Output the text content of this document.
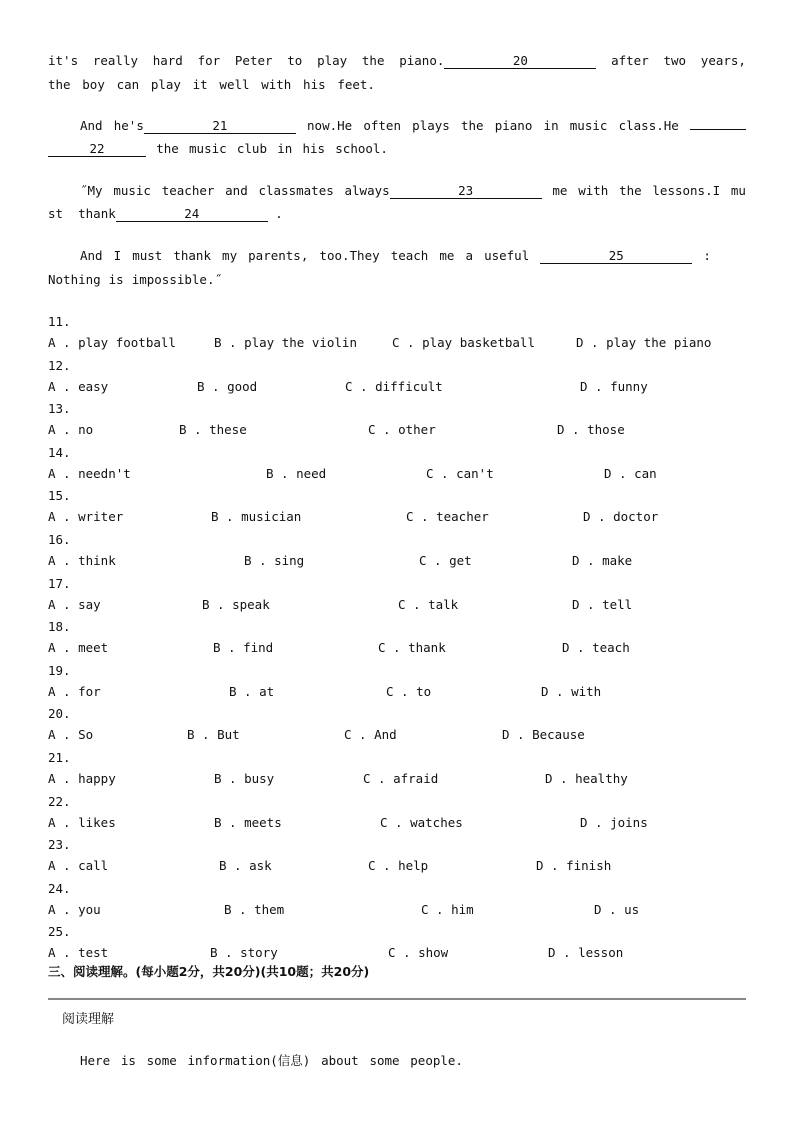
it's really hard for Peter to play the piano.	20	after two years,
the boy can play it well with his feet.
And he's	21	now.He often plays the piano in music class.He
22	the music club in his school.
˝My music teacher and classmates always	23	me with the lessons.I mu
st thank	24	.
And I must thank my parents, too.They teach me a useful	25	:
Nothing is impossible.˝
11.
A . play football	B . play the violin	C . play basketball	D . play the piano
12.
A . easy	B . good	C . difficult	D . funny
13.
A . no	B . these	C . other	D . those
14.
A . needn't	B . need	C . can't	D . can
15.
A . writer	B . musician	C . teacher	D . doctor
16.
A . think	B . sing	C . get	D . make
17.
A . say	B . speak	C . talk	D . tell
18.
A . meet	B . find	C . thank	D . teach
19.
A . for	B . at	C . to	D . with
20.
A . So	B . But	C . And	D . Because
21.
A . happy	B . busy	C . afraid	D . healthy
22.
A . likes	B . meets	C . watches	D . joins
23.
A . call	B . ask	C . help	D . finish
24.
A . you	B . them	C . him	D . us
25.
A . test	B . story	C . show	D . lesson
三、阅读理解。(每小题2分，共20分)(共10题；共20分)
阅读理解
Here is some information(信息) about some people.
